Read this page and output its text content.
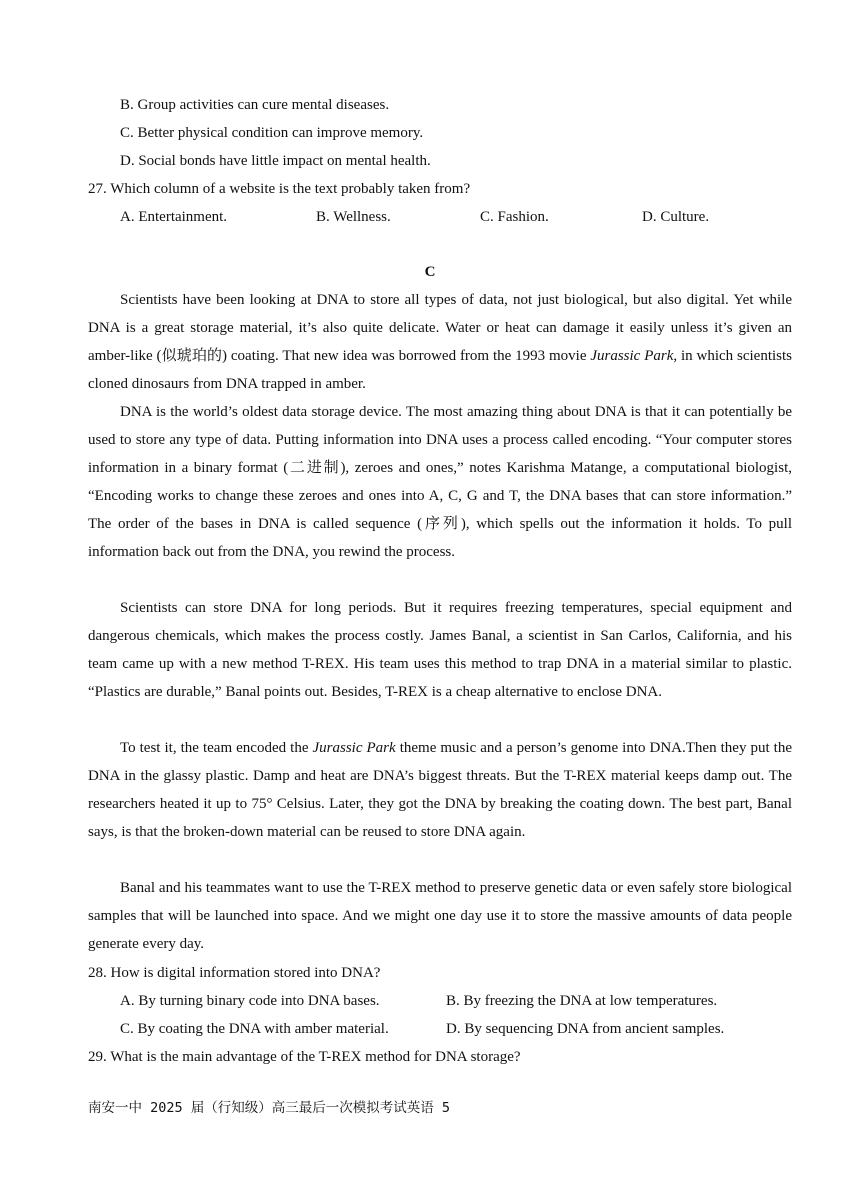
B. Group activities can cure mental diseases.
C. Better physical condition can improve memory.
D. Social bonds have little impact on mental health.
27. Which column of a website is the text probably taken from?
A. Entertainment.	B. Wellness.	C. Fashion.	D. Culture.
C

Scientists have been looking at DNA to store all types of data, not just biological, but also digital. Yet while DNA is a great storage material, it’s also quite delicate. Water or heat can damage it easily unless it’s given an amber-like (似琥珀的) coating. That new idea was borrowed from the 1993 movie Jurassic Park, in which scientists cloned dinosaurs from DNA trapped in amber.

DNA is the world’s oldest data storage device. The most amazing thing about DNA is that it can potentially be used to store any type of data. Putting information into DNA uses a process called encoding. “Your computer stores information in a binary format (二进制), zeroes and ones,” notes Karishma Matange, a computational biologist, “Encoding works to change these zeroes and ones into A, C, G and T, the DNA bases that can store information.” The order of the bases in DNA is called sequence (序列), which spells out the information it holds. To pull information back out from the DNA, you rewind the process.

Scientists can store DNA for long periods. But it requires freezing temperatures, special equipment and dangerous chemicals, which makes the process costly. James Banal, a scientist in San Carlos, California, and his team came up with a new method T-REX. His team uses this method to trap DNA in a material similar to plastic. “Plastics are durable,” Banal points out. Besides, T-REX is a cheap alternative to enclose DNA.

To test it, the team encoded the Jurassic Park theme music and a person’s genome into DNA.Then they put the DNA in the glassy plastic. Damp and heat are DNA’s biggest threats. But the T-REX material keeps damp out. The researchers heated it up to 75° Celsius. Later, they got the DNA by breaking the coating down. The best part, Banal says, is that the broken-down material can be reused to store DNA again.

Banal and his teammates want to use the T-REX method to preserve genetic data or even safely store biological samples that will be launched into space. And we might one day use it to store the massive amounts of data people generate every day.

28. How is digital information stored into DNA?
A. By turning binary code into DNA bases.	B. By freezing the DNA at low temperatures.
C. By coating the DNA with amber material.	D. By sequencing DNA from ancient samples.
29. What is the main advantage of the T-REX method for DNA storage?
南安一中 2025 届（行知级）高三最后一次模拟考试英语 5
